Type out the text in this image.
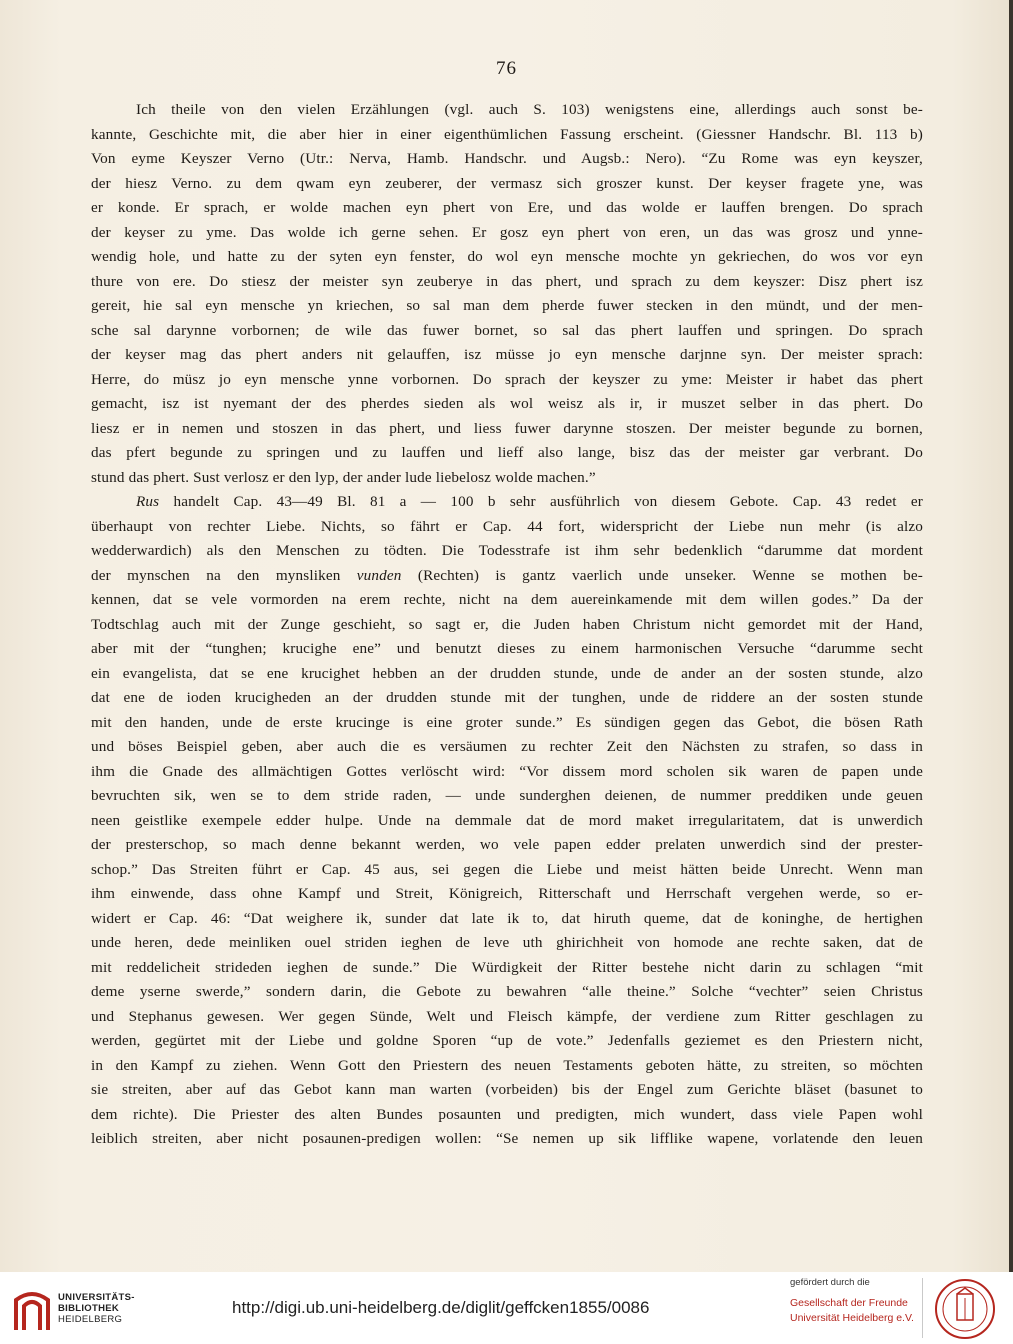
76
Ich theile von den vielen Erzählungen (vgl. auch S. 103) wenigstens eine, allerdings auch sonst be-
kannte, Geschichte mit, die aber hier in einer eigenthümlichen Fassung erscheint. (Giessner Handschr. Bl. 113 b)
Von eyme Keyszer Verno (Utr.: Nerva, Hamb. Handschr. und Augsb.: Nero). “Zu Rome was eyn keyszer,
der hiesz Verno. zu dem qwam eyn zeuberer, der vermasz sich groszer kunst. Der keyser fragete yne, was
er konde. Er sprach, er wolde machen eyn phert von Ere, und das wolde er lauffen brengen. Do sprach
der keyser zu yme. Das wolde ich gerne sehen. Er gosz eyn phert von eren, un das was grosz und ynne-
wendig hole, und hatte zu der syten eyn fenster, do wol eyn mensche mochte yn gekriechen, do wos vor eyn
thure von ere. Do stiesz der meister syn zeuberye in das phert, und sprach zu dem keyszer: Disz phert isz
gereit, hie sal eyn mensche yn kriechen, so sal man dem pherde fuwer stecken in den mündt, und der men-
sche sal darynne vorbornen; de wile das fuwer bornet, so sal das phert lauffen und springen. Do sprach
der keyser mag das phert anders nit gelauffen, isz müsse jo eyn mensche darjnne syn. Der meister sprach:
Herre, do müsz jo eyn mensche ynne vorbornen. Do sprach der keyszer zu yme: Meister ir habet das phert
gemacht, isz ist nyemant der des pherdes sieden als wol weisz als ir, ir muszet selber in das phert. Do
liesz er in nemen und stoszen in das phert, und liess fuwer darynne stoszen. Der meister begunde zu bornen,
das pfert begunde zu springen und zu lauffen und lieff also lange, bisz das der meister gar verbrant. Do
stund das phert. Sust verlosz er den lyp, der ander lude liebelosz wolde machen.”
Rus handelt Cap. 43—49 Bl. 81 a — 100 b sehr ausführlich von diesem Gebote. Cap. 43 redet er
überhaupt von rechter Liebe. Nichts, so fährt er Cap. 44 fort, widerspricht der Liebe nun mehr (is alzo
wedderwardich) als den Menschen zu tödten. Die Todesstrafe ist ihm sehr bedenklich “darumme dat mordent
der mynschen na den mynsliken vunden (Rechten) is gantz vaerlich unde unseker. Wenne se mothen be-
kennen, dat se vele vormorden na erem rechte, nicht na dem auereinkamende mit dem willen godes.” Da der
Todtschlag auch mit der Zunge geschieht, so sagt er, die Juden haben Christum nicht gemordet mit der Hand,
aber mit der “tunghen; krucighe ene” und benutzt dieses zu einem harmonischen Versuche “darumme secht
ein evangelista, dat se ene krucighet hebben an der drudden stunde, unde de ander an der sosten stunde, alzo
dat ene de ioden krucigheden an der drudden stunde mit der tunghen, unde de riddere an der sosten stunde
mit den handen, unde de erste krucinge is eine groter sunde.” Es sündigen gegen das Gebot, die bösen Rath
und böses Beispiel geben, aber auch die es versäumen zu rechter Zeit den Nächsten zu strafen, so dass in
ihm die Gnade des allmächtigen Gottes verlöscht wird: “Vor dissem mord scholen sik waren de papen unde
bevruchten sik, wen se to dem stride raden, — unde sunderghen deienen, de nummer preddiken unde geuen
neen geistlike exempele edder hulpe. Unde na demmale dat de mord maket irregularitatem, dat is unwerdich
der presterschop, so mach denne bekannt werden, wo vele papen edder prelaten unwerdich sind der prester-
schop.” Das Streiten führt er Cap. 45 aus, sei gegen die Liebe und meist hätten beide Unrecht. Wenn man
ihm einwende, dass ohne Kampf und Streit, Königreich, Ritterschaft und Herrschaft vergehen werde, so er-
widert er Cap. 46: “Dat weighere ik, sunder dat late ik to, dat hiruth queme, dat de koninghe, de hertighen
unde heren, dede meinliken ouel striden ieghen de leve uth ghirichheit von homode ane rechte saken, dat de
mit reddelicheit strideden ieghen de sunde.” Die Würdigkeit der Ritter bestehe nicht darin zu schlagen “mit
deme yserne swerde,” sondern darin, die Gebote zu bewahren “alle theine.” Solche “vechter” seien Christus
und Stephanus gewesen. Wer gegen Sünde, Welt und Fleisch kämpfe, der verdiene zum Ritter geschlagen zu
werden, gegürtet mit der Liebe und goldne Sporen “up de vote.” Jedenfalls geziemet es den Priestern nicht,
in den Kampf zu ziehen. Wenn Gott den Priestern des neuen Testaments geboten hätte, zu streiten, so möchten
sie streiten, aber auf das Gebot kann man warten (vorbeiden) bis der Engel zum Gerichte bläset (basunet to
dem richte). Die Priester des alten Bundes posaunten und predigten, mich wundert, dass viele Papen wohl
leiblich streiten, aber nicht posaunen-predigen wollen: “Se nemen up sik lifflike wapene, vorlatende den leuen
UNIVERSITÄTS-
BIBLIOTHEK
HEIDELBERG
http://digi.ub.uni-heidelberg.de/diglit/geffcken1855/0086
gefördert durch die
Gesellschaft der Freunde
Universität Heidelberg e.V.
